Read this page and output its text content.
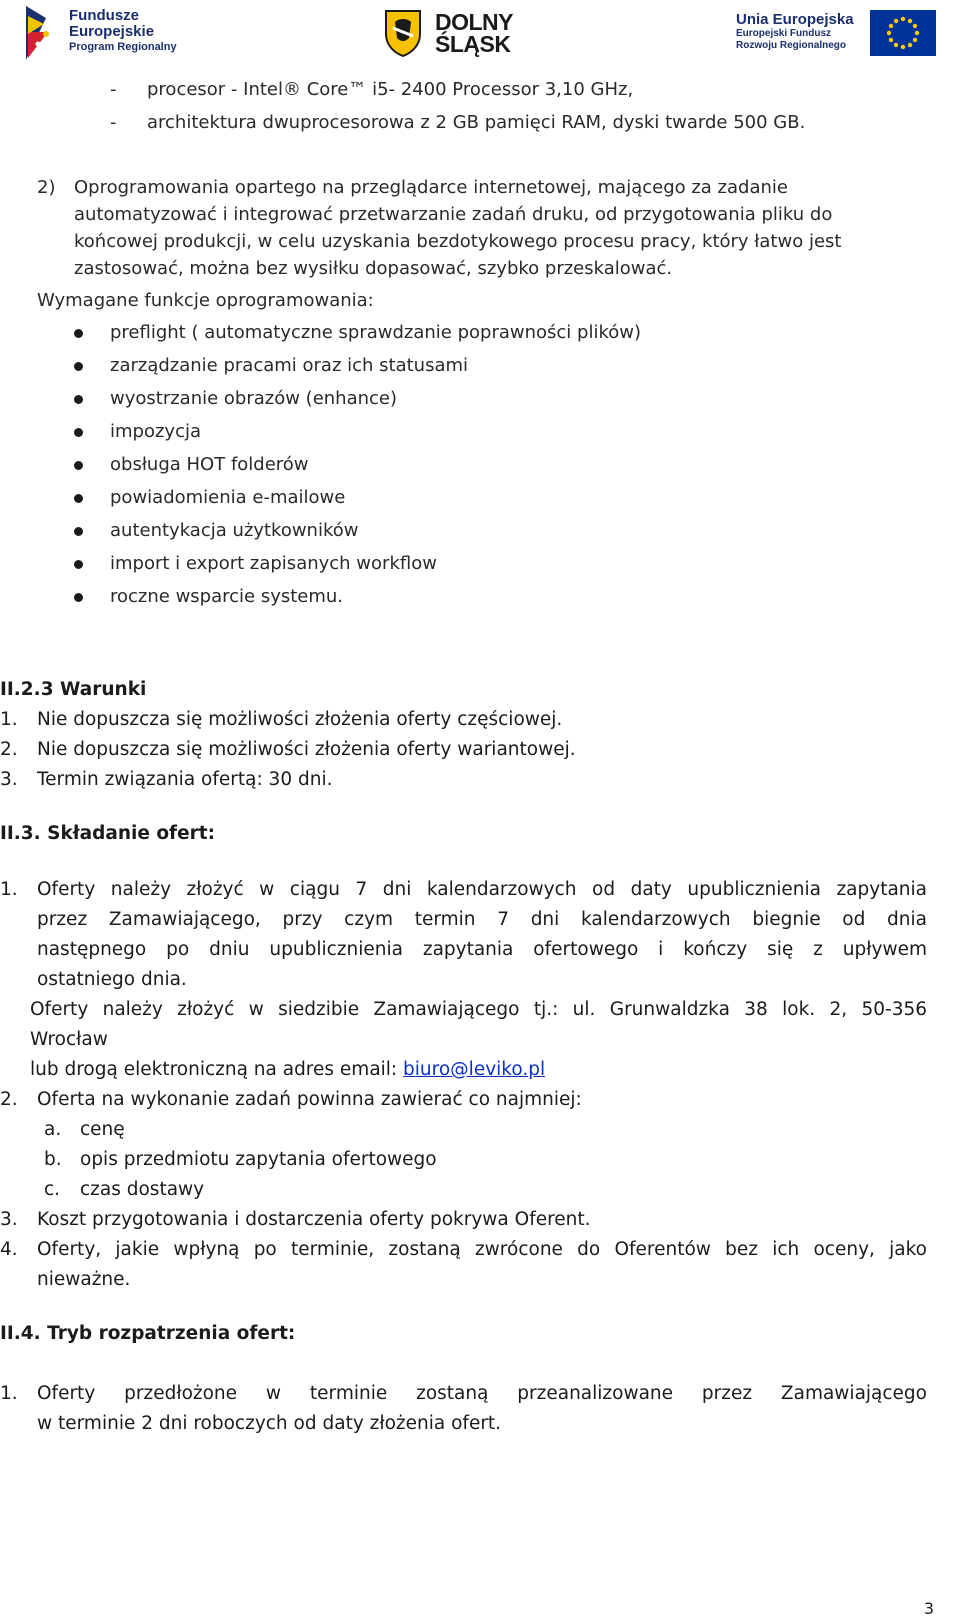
Fundusze
Europejskie
Program Regionalny
DOLNY
ŚLĄSK
Unia Europejska
Europejski Fundusz
Rozwoju Regionalnego
- procesor - Intel® Core™ i5- 2400 Processor 3,10 GHz,
- architektura dwuprocesorowa z 2 GB pamięci RAM, dyski twarde 500 GB.
2) Oprogramowania opartego na przeglądarce internetowej, mającego za zadanie
automatyzować i integrować przetwarzanie zadań druku, od przygotowania pliku do
końcowej produkcji, w celu uzyskania bezdotykowego procesu pracy, który łatwo jest
zastosować, można bez wysiłku dopasować, szybko przeskalować.
Wymagane funkcje oprogramowania:
preflight ( automatyczne sprawdzanie poprawności plików)
zarządzanie pracami oraz ich statusami
wyostrzanie obrazów (enhance)
impozycja
obsługa HOT folderów
powiadomienia e-mailowe
autentykacja użytkowników
import i export zapisanych workflow
roczne wsparcie systemu.
II.2.3 Warunki
1. Nie dopuszcza się możliwości złożenia oferty częściowej.
2. Nie dopuszcza się możliwości złożenia oferty wariantowej.
3. Termin związania ofertą: 30 dni.
II.3. Składanie ofert:
1. Oferty należy złożyć w ciągu 7 dni kalendarzowych od daty upublicznienia zapytania
przez Zamawiającego, przy czym termin 7 dni kalendarzowych biegnie od dnia
następnego po dniu upublicznienia zapytania ofertowego i kończy się z upływem
ostatniego dnia.
Oferty należy złożyć w siedzibie Zamawiającego tj.: ul. Grunwaldzka 38 lok. 2, 50-356
Wrocław
lub drogą elektroniczną na adres email: biuro@leviko.pl
2. Oferta na wykonanie zadań powinna zawierać co najmniej:
a. cenę
b. opis przedmiotu zapytania ofertowego
c. czas dostawy
3. Koszt przygotowania i dostarczenia oferty pokrywa Oferent.
4. Oferty, jakie wpłyną po terminie, zostaną zwrócone do Oferentów bez ich oceny, jako
nieważne.
II.4. Tryb rozpatrzenia ofert:
1. Oferty przedłożone w terminie zostaną przeanalizowane przez Zamawiającego
w terminie 2 dni roboczych od daty złożenia ofert.
3
